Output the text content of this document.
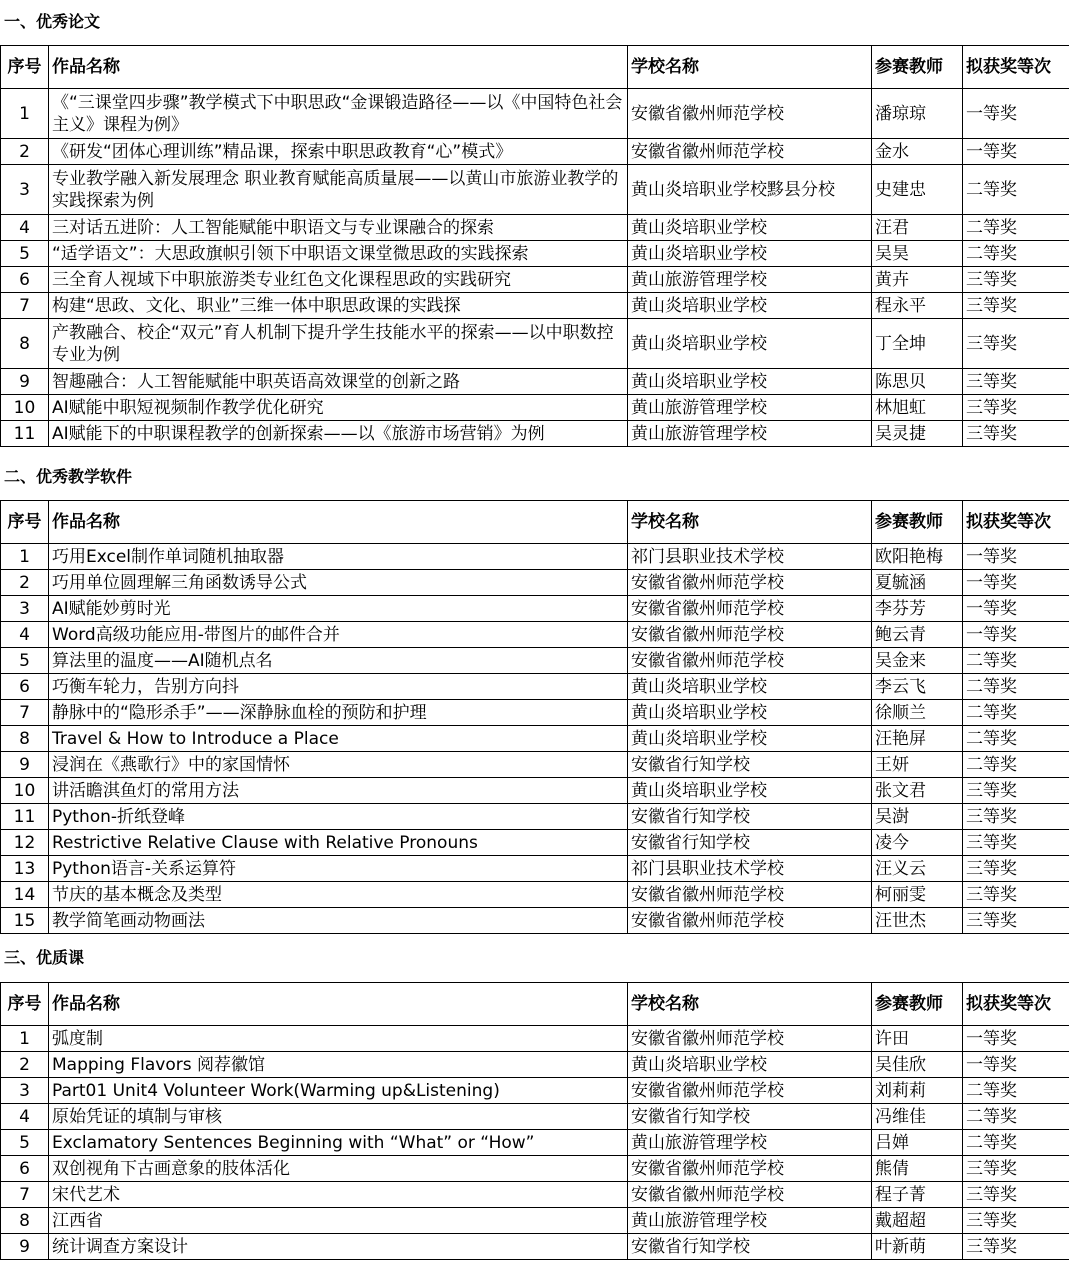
一、优秀论文
序号	作品名称	学校名称	参赛教师	拟获奖等次
1	《“三课堂四步骤”教学模式下中职思政“金课锻造路径——以《中国特色社会主义》课程为例》	安徽省徽州师范学校	潘琼琼	一等奖
2	《研发“团体心理训练”精品课，探索中职思政教育“心”模式》	安徽省徽州师范学校	金水	一等奖
3	专业教学融入新发展理念 职业教育赋能高质量展——以黄山市旅游业教学的实践探索为例	黄山炎培职业学校黟县分校	史建忠	二等奖
4	三对话五进阶：人工智能赋能中职语文与专业课融合的探索	黄山炎培职业学校	汪君	二等奖
5	“适学语文”：大思政旗帜引领下中职语文课堂微思政的实践探索	黄山炎培职业学校	吴昊	二等奖
6	三全育人视域下中职旅游类专业红色文化课程思政的实践研究	黄山旅游管理学校	黄卉	三等奖
7	构建“思政、文化、职业”三维一体中职思政课的实践探	黄山炎培职业学校	程永平	三等奖
8	产教融合、校企“双元”育人机制下提升学生技能水平的探索——以中职数控专业为例	黄山炎培职业学校	丁全坤	三等奖
9	智趣融合：人工智能赋能中职英语高效课堂的创新之路	黄山炎培职业学校	陈思贝	三等奖
10	AI赋能中职短视频制作教学优化研究	黄山旅游管理学校	林旭虹	三等奖
11	AI赋能下的中职课程教学的创新探索——以《旅游市场营销》为例	黄山旅游管理学校	吴灵捷	三等奖
二、优秀教学软件
序号	作品名称	学校名称	参赛教师	拟获奖等次
1	巧用Excel制作单词随机抽取器	祁门县职业技术学校	欧阳艳梅	一等奖
2	巧用单位圆理解三角函数诱导公式	安徽省徽州师范学校	夏毓涵	一等奖
3	AI赋能妙剪时光	安徽省徽州师范学校	李芬芳	一等奖
4	Word高级功能应用-带图片的邮件合并	安徽省徽州师范学校	鲍云青	一等奖
5	算法里的温度——AI随机点名	安徽省徽州师范学校	吴金来	二等奖
6	巧衡车轮力，告别方向抖	黄山炎培职业学校	李云飞	二等奖
7	静脉中的“隐形杀手”——深静脉血栓的预防和护理	黄山炎培职业学校	徐顺兰	二等奖
8	Travel & How to Introduce a Place	黄山炎培职业学校	汪艳屏	二等奖
9	浸润在《燕歌行》中的家国情怀	安徽省行知学校	王妍	二等奖
10	讲活瞻淇鱼灯的常用方法	黄山炎培职业学校	张文君	三等奖
11	Python-折纸登峰	安徽省行知学校	吴澍	三等奖
12	Restrictive Relative Clause with Relative Pronouns	安徽省行知学校	凌今	三等奖
13	Python语言-关系运算符	祁门县职业技术学校	汪义云	三等奖
14	节庆的基本概念及类型	安徽省徽州师范学校	柯丽雯	三等奖
15	教学简笔画动物画法	安徽省徽州师范学校	汪世杰	三等奖
三、优质课
序号	作品名称	学校名称	参赛教师	拟获奖等次
1	弧度制	安徽省徽州师范学校	许田	一等奖
2	Mapping Flavors 阅荐徽馆	黄山炎培职业学校	吴佳欣	一等奖
3	Part01 Unit4 Volunteer Work(Warming up&Listening)	安徽省徽州师范学校	刘莉莉	二等奖
4	原始凭证的填制与审核	安徽省行知学校	冯维佳	二等奖
5	Exclamatory Sentences Beginning with “What” or “How”	黄山旅游管理学校	吕婵	二等奖
6	双创视角下古画意象的肢体活化	安徽省徽州师范学校	熊倩	三等奖
7	宋代艺术	安徽省徽州师范学校	程子菁	三等奖
8	江西省	黄山旅游管理学校	戴超超	三等奖
9	统计调查方案设计	安徽省行知学校	叶新萌	三等奖
